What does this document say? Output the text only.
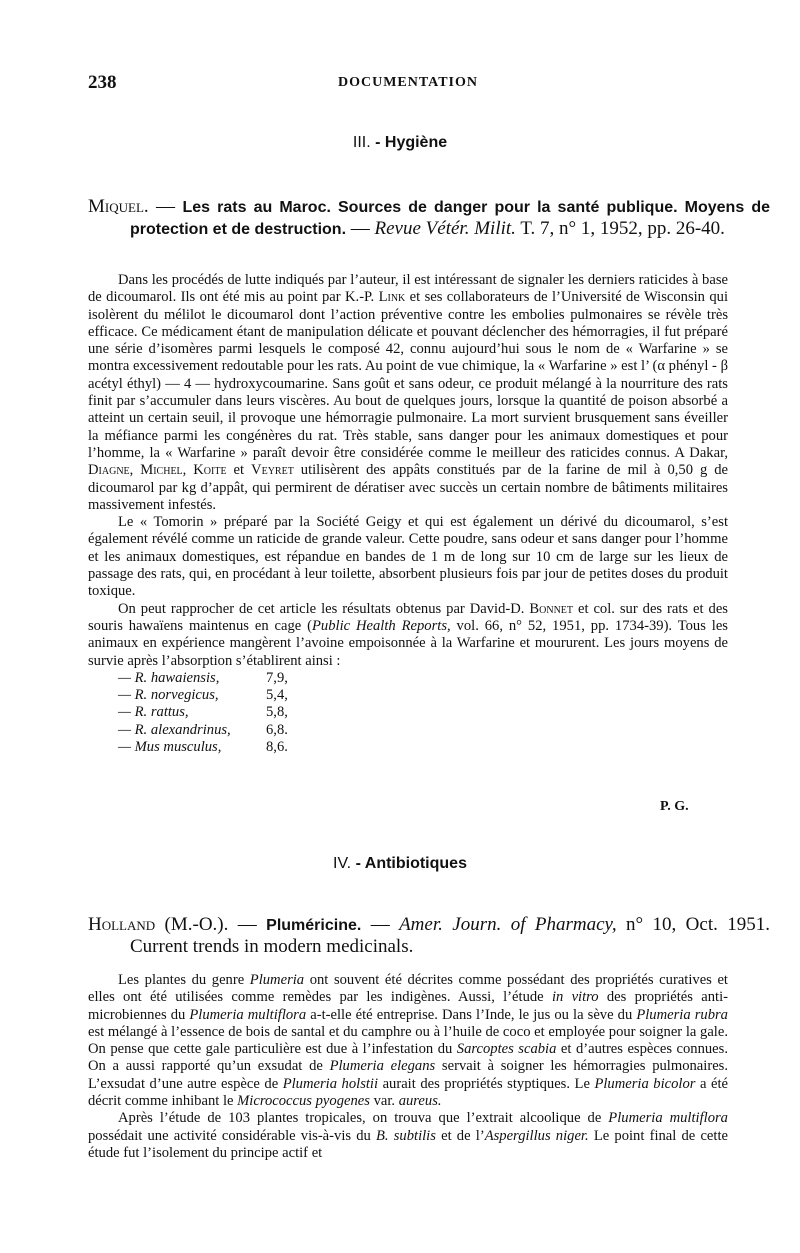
238	DOCUMENTATION
III. - Hygiène
Miquel. — Les rats au Maroc. Sources de danger pour la santé publique. Moyens de protection et de destruction. — Revue Vétér. Milit. T. 7, n° 1, 1952, pp. 26-40.

Dans les procédés de lutte indiqués par l’auteur, il est intéressant de signaler les derniers raticides à base de dicoumarol. Ils ont été mis au point par K.-P. Link et ses collaborateurs de l’Université de Wisconsin qui isolèrent du mélilot le dicoumarol dont l’action préventive contre les embolies pulmonaires se révèle très efficace. Ce médicament étant de manipulation délicate et pouvant déclencher des hémorragies, il fut préparé une série d’isomères parmi lesquels le composé 42, connu aujourd’hui sous le nom de « Warfarine » se montra excessivement redoutable pour les rats. Au point de vue chimique, la « Warfarine » est l’ (α phényl - β acétyl éthyl) — 4 — hydroxycoumarine. Sans goût et sans odeur, ce produit mélangé à la nourriture des rats finit par s’accumuler dans leurs viscères. Au bout de quelques jours, lorsque la quantité de poison absorbé a atteint un certain seuil, il provoque une hémorragie pulmonaire. La mort survient brusquement sans éveiller la méfiance parmi les congénères du rat. Très stable, sans danger pour les animaux domestiques et pour l’homme, la « Warfarine » paraît devoir être considérée comme le meilleur des raticides connus. A Dakar, Diagne, Michel, Koite et Veyret utilisèrent des appâts constitués par de la farine de mil à 0,50 g de dicoumarol par kg d’appât, qui permirent de dératiser avec succès un certain nombre de bâtiments militaires massivement infestés.

Le « Tomorin » préparé par la Société Geigy et qui est également un dérivé du dicoumarol, s’est également révélé comme un raticide de grande valeur. Cette poudre, sans odeur et sans danger pour l’homme et les animaux domestiques, est répandue en bandes de 1 m de long sur 10 cm de large sur les lieux de passage des rats, qui, en procédant à leur toilette, absorbent plusieurs fois par jour de petites doses du produit toxique.

On peut rapprocher de cet article les résultats obtenus par David-D. Bonnet et col. sur des rats et des souris hawaïens maintenus en cage (Public Health Reports, vol. 66, n° 52, 1951, pp. 1734-39). Tous les animaux en expérience mangèrent l’avoine empoisonnée à la Warfarine et moururent. Les jours moyens de survie après l’absorption s’établirent ainsi :

— R. hawaiensis,	7,9,
— R. norvegicus,	5,4,
— R. rattus,	5,8,
— R. alexandrinus, 6,8.
— Mus musculus,	8,6.
P. G.
IV. - Antibiotiques
Holland (M.-O.). — Pluméricine. — Amer. Journ. of Pharmacy, n° 10, Oct. 1951. Current trends in modern medicinals.

Les plantes du genre Plumeria ont souvent été décrites comme possédant des propriétés curatives et elles ont été utilisées comme remèdes par les indigènes. Aussi, l’étude in vitro des propriétés anti-microbiennes du Plumeria multiflora a-t-elle été entreprise. Dans l’Inde, le jus ou la sève du Plumeria rubra est mélangé à l’essence de bois de santal et du camphre ou à l’huile de coco et employée pour soigner la gale. On pense que cette gale particulière est due à l’infestation du Sarcoptes scabia et d’autres espèces connues. On a aussi rapporté qu’un exsudat de Plumeria elegans servait à soigner les hémorragies pulmonaires. L’exsudat d’une autre espèce de Plumeria holstii aurait des propriétés styptiques. Le Plumeria bicolor a été décrit comme inhibant le Micrococcus pyogenes var. aureus.

Après l’étude de 103 plantes tropicales, on trouva que l’extrait alcoolique de Plumeria multiflora possédait une activité considérable vis-à-vis du B. subtilis et de l’Aspergillus niger. Le point final de cette étude fut l’isolement du principe actif et
